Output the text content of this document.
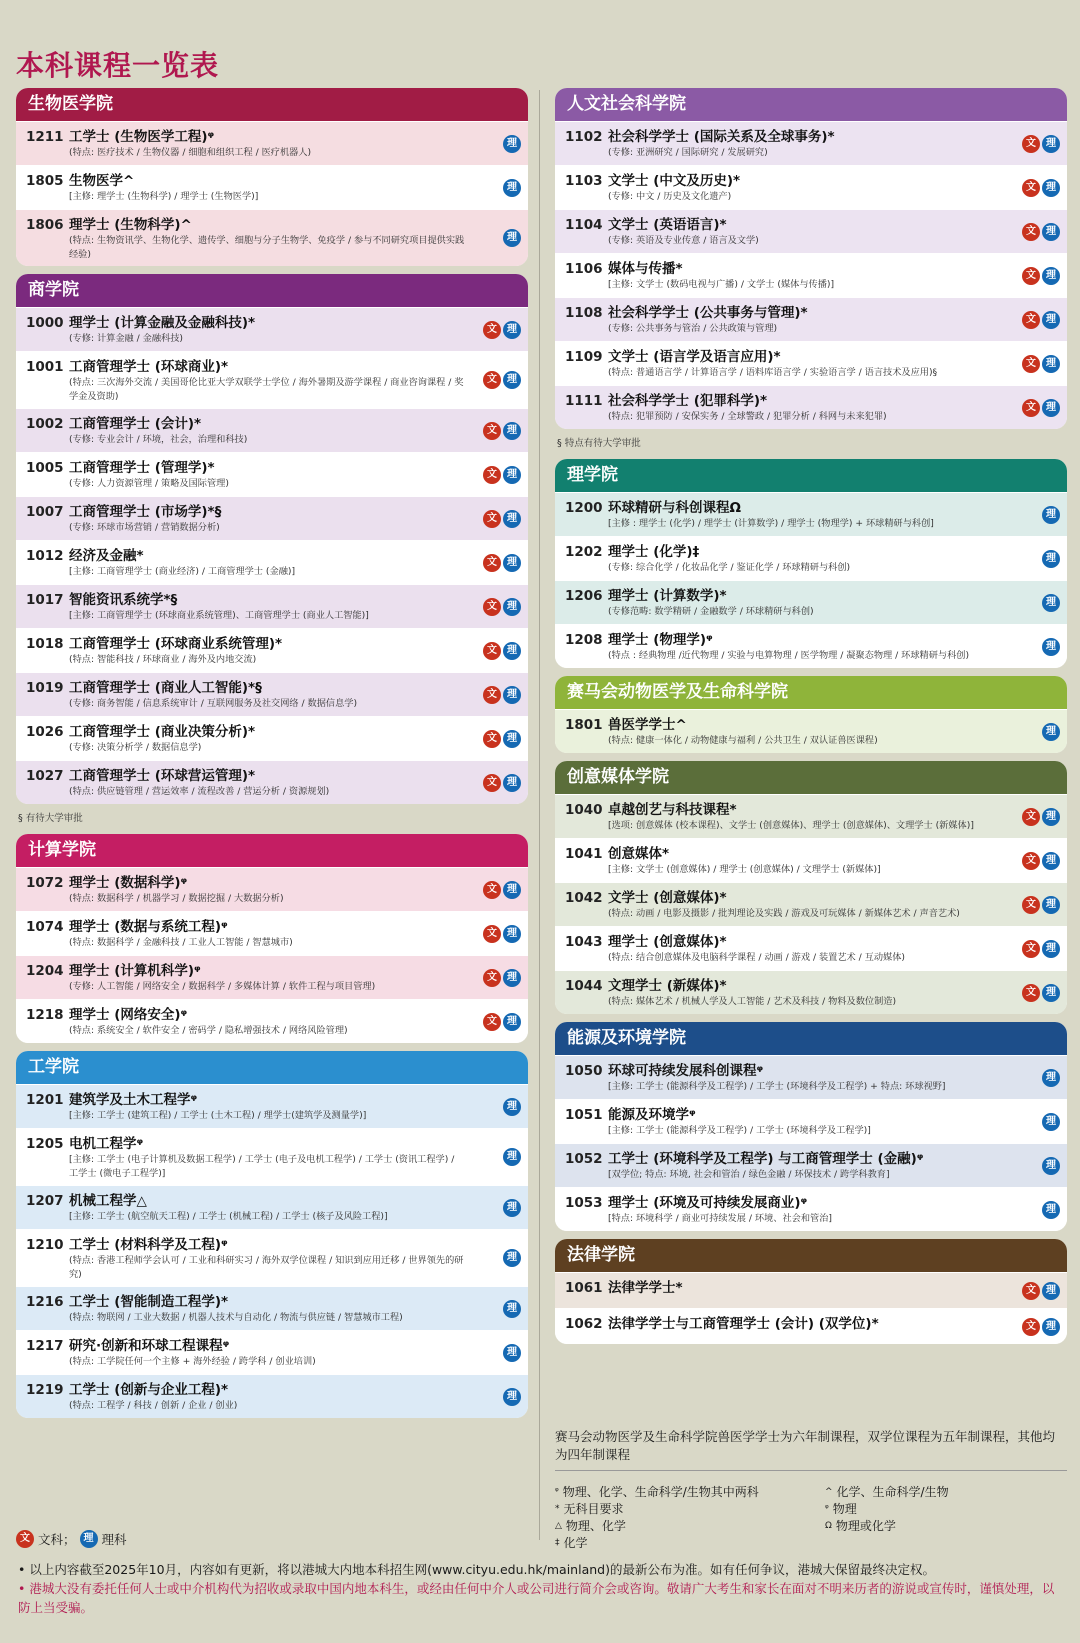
本科课程一览表
生物医学院
1211 工学士 (生物医学工程)ᵠ
(特点: 医疗技术 / 生物仪器 / 细胞和组织工程 / 医疗机器人)
理
1805 生物医学^
[主修: 理学士 (生物科学) / 理学士 (生物医学)]
理
1806 理学士 (生物科学)^
(特点: 生物资讯学、生物化学、遗传学、细胞与分子生物学、免疫学 / 参与不同研究项目提供实践经验)
理
商学院
1000 理学士 (计算金融及金融科技)*
(专修: 计算金融 / 金融科技)
文	理
1001 工商管理学士 (环球商业)*
(特点: 三次海外交流 / 美国哥伦比亚大学双联学士学位 / 海外暑期及游学课程 / 商业咨询课程 / 奖学金及资助)
文	理
1002 工商管理学士 (会计)*
(专修: 专业会计 / 环境，社会，治理和科技)
文	理
1005 工商管理学士 (管理学)*
(专修: 人力资源管理 / 策略及国际管理)
文	理
1007 工商管理学士 (市场学)*§
(专修: 环球市场营销 / 营销数据分析)
文	理
1012 经济及金融*
[主修: 工商管理学士 (商业经济) / 工商管理学士 (金融)]
文	理
1017 智能资讯系统学*§
[主修: 工商管理学士 (环球商业系统管理)、工商管理学士 (商业人工智能)]
文	理
1018 工商管理学士 (环球商业系统管理)*
(特点: 智能科技 / 环球商业 / 海外及内地交流)
文	理
1019 工商管理学士 (商业人工智能)*§
(专修: 商务智能 / 信息系统审计 / 互联网服务及社交网络 / 数据信息学)
文	理
1026 工商管理学士 (商业决策分析)*
(专修: 决策分析学 / 数据信息学)
文	理
1027 工商管理学士 (环球营运管理)*
(特点: 供应链管理 / 营运效率 / 流程改善 / 营运分析 / 资源规划)
文	理
§ 有待大学审批
计算学院
1072 理学士 (数据科学)ᵠ
(特点: 数据科学 / 机器学习 / 数据挖掘 / 大数据分析)
文	理
1074 理学士 (数据与系统工程)ᵠ
(特点: 数据科学 / 金融科技 / 工业人工智能 / 智慧城市)
文	理
1204 理学士 (计算机科学)ᵠ
(专修: 人工智能 / 网络安全 / 数据科学 / 多媒体计算 / 软件工程与项目管理)
文	理
1218 理学士 (网络安全)ᵠ
(特点: 系统安全 / 软件安全 / 密码学 / 隐私增强技术 / 网络风险管理)
文	理
工学院
1201 建筑学及土木工程学ᵠ
[主修: 工学士 (建筑工程) / 工学士 (土木工程) / 理学士(建筑学及测量学)]
理
1205 电机工程学ᵠ
[主修: 工学士 (电子计算机及数据工程学) / 工学士 (电子及电机工程学) / 工学士 (资讯工程学) / 工学士 (微电子工程学)]
理
1207 机械工程学△
[主修: 工学士 (航空航天工程) / 工学士 (机械工程) / 工学士 (核子及风险工程)]
理
1210 工学士 (材料科学及工程)ᵠ
(特点: 香港工程师学会认可 / 工业和科研实习 / 海外双学位课程 / 知识到应用迁移 / 世界领先的研究)
理
1216 工学士 (智能制造工程学)*
(特点: 物联网 / 工业大数据 / 机器人技术与自动化 / 物流与供应链 / 智慧城市工程)
理
1217 研究·创新和环球工程课程ᵠ
(特点: 工学院任何一个主修 + 海外经验 / 跨学科 / 创业培训)
理
1219 工学士 (创新与企业工程)*
(特点: 工程学 / 科技 / 创新 / 企业 / 创业)
理
人文社会科学院
1102 社会科学学士 (国际关系及全球事务)*
(专修: 亚洲研究 / 国际研究 / 发展研究)
文	理
1103 文学士 (中文及历史)*
(专修: 中文 / 历史及文化遗产)
文	理
1104 文学士 (英语语言)*
(专修: 英语及专业传意 / 语言及文学)
文	理
1106 媒体与传播*
[主修: 文学士 (数码电视与广播) / 文学士 (媒体与传播)]
文	理
1108 社会科学学士 (公共事务与管理)*
(专修: 公共事务与管治 / 公共政策与管理)
文	理
1109 文学士 (语言学及语言应用)*
(特点: 普通语言学 / 计算语言学 / 语料库语言学 / 实验语言学 / 语言技术及应用)§
文	理
1111 社会科学学士 (犯罪科学)*
(特点: 犯罪预防 / 安保实务 / 全球警政 / 犯罪分析 / 科网与未来犯罪)
文	理
§ 特点有待大学审批
理学院
1200 环球精研与科创课程Ω
[主修 : 理学士 (化学) / 理学士 (计算数学) / 理学士 (物理学) + 环球精研与科创]
理
1202 理学士 (化学)‡
(专修: 综合化学 / 化妆品化学 / 鉴证化学 / 环球精研与科创)
理
1206 理学士 (计算数学)*
(专修范畴: 数学精研 / 金融数学 / 环球精研与科创)
理
1208 理学士 (物理学)ᵠ
(特点 : 经典物理 /近代物理 / 实验与电算物理 / 医学物理 / 凝聚态物理 / 环球精研与科创)
理
赛马会动物医学及生命科学院
1801 兽医学学士^
(特点: 健康一体化 / 动物健康与福利 / 公共卫生 / 双认证兽医课程)
理
创意媒体学院
1040 卓越创艺与科技课程*
[选项: 创意媒体 (校本课程)、文学士 (创意媒体)、理学士 (创意媒体)、文理学士 (新媒体)]
文	理
1041 创意媒体*
[主修: 文学士 (创意媒体) / 理学士 (创意媒体) / 文理学士 (新媒体)]
文	理
1042 文学士 (创意媒体)*
(特点: 动画 / 电影及摄影 / 批判理论及实践 / 游戏及可玩媒体 / 新媒体艺术 / 声音艺术)
文	理
1043 理学士 (创意媒体)*
(特点: 结合创意媒体及电脑科学课程 / 动画 / 游戏 / 装置艺术 / 互动媒体)
文	理
1044 文理学士 (新媒体)*
(特点: 媒体艺术 / 机械人学及人工智能 / 艺术及科技 / 物料及数位制造)
文	理
能源及环境学院
1050 环球可持续发展科创课程ᵠ
[主修: 工学士 (能源科学及工程学) / 工学士 (环境科学及工程学) + 特点: 环球视野]
理
1051 能源及环境学ᵠ
[主修: 工学士 (能源科学及工程学) / 工学士 (环境科学及工程学)]
理
1052 工学士 (环境科学及工程学) 与工商管理学士 (金融)ᵠ
[双学位; 特点: 环境, 社会和管治 / 绿色金融 / 环保技术 / 跨学科教育]
理
1053 理学士 (环境及可持续发展商业)ᵠ
[特点: 环境科学 / 商业可持续发展 / 环境、社会和管治]
理
法律学院
1061 法律学学士*	文	理
1062 法律学学士与工商管理学士 (会计) (双学位)*	文	理
赛马会动物医学及生命科学院兽医学学士为六年制课程，双学位课程为五年制课程，其他均为四年制课程
$^ᵠ$ 物理、化学、生命科学/生物其中两科	^ 化学、生命科学/生物
* 无科目要求	$^ᵠ$ 物理
△ 物理、化学	$^\Omega$ 物理或化学
‡ 化学
文 文科； 理 理科
• 以上内容截至2025年10月，内容如有更新，将以港城大内地本科招生网(www.cityu.edu.hk/mainland)的最新公布为准。如有任何争议，港城大保留最终决定权。
• 港城大没有委托任何人士或中介机构代为招收或录取中国内地本科生，或经由任何中介人或公司进行简介会或咨询。敬请广大考生和家长在面对不明来历者的游说或宣传时，谨慎处理，以防上当受骗。
